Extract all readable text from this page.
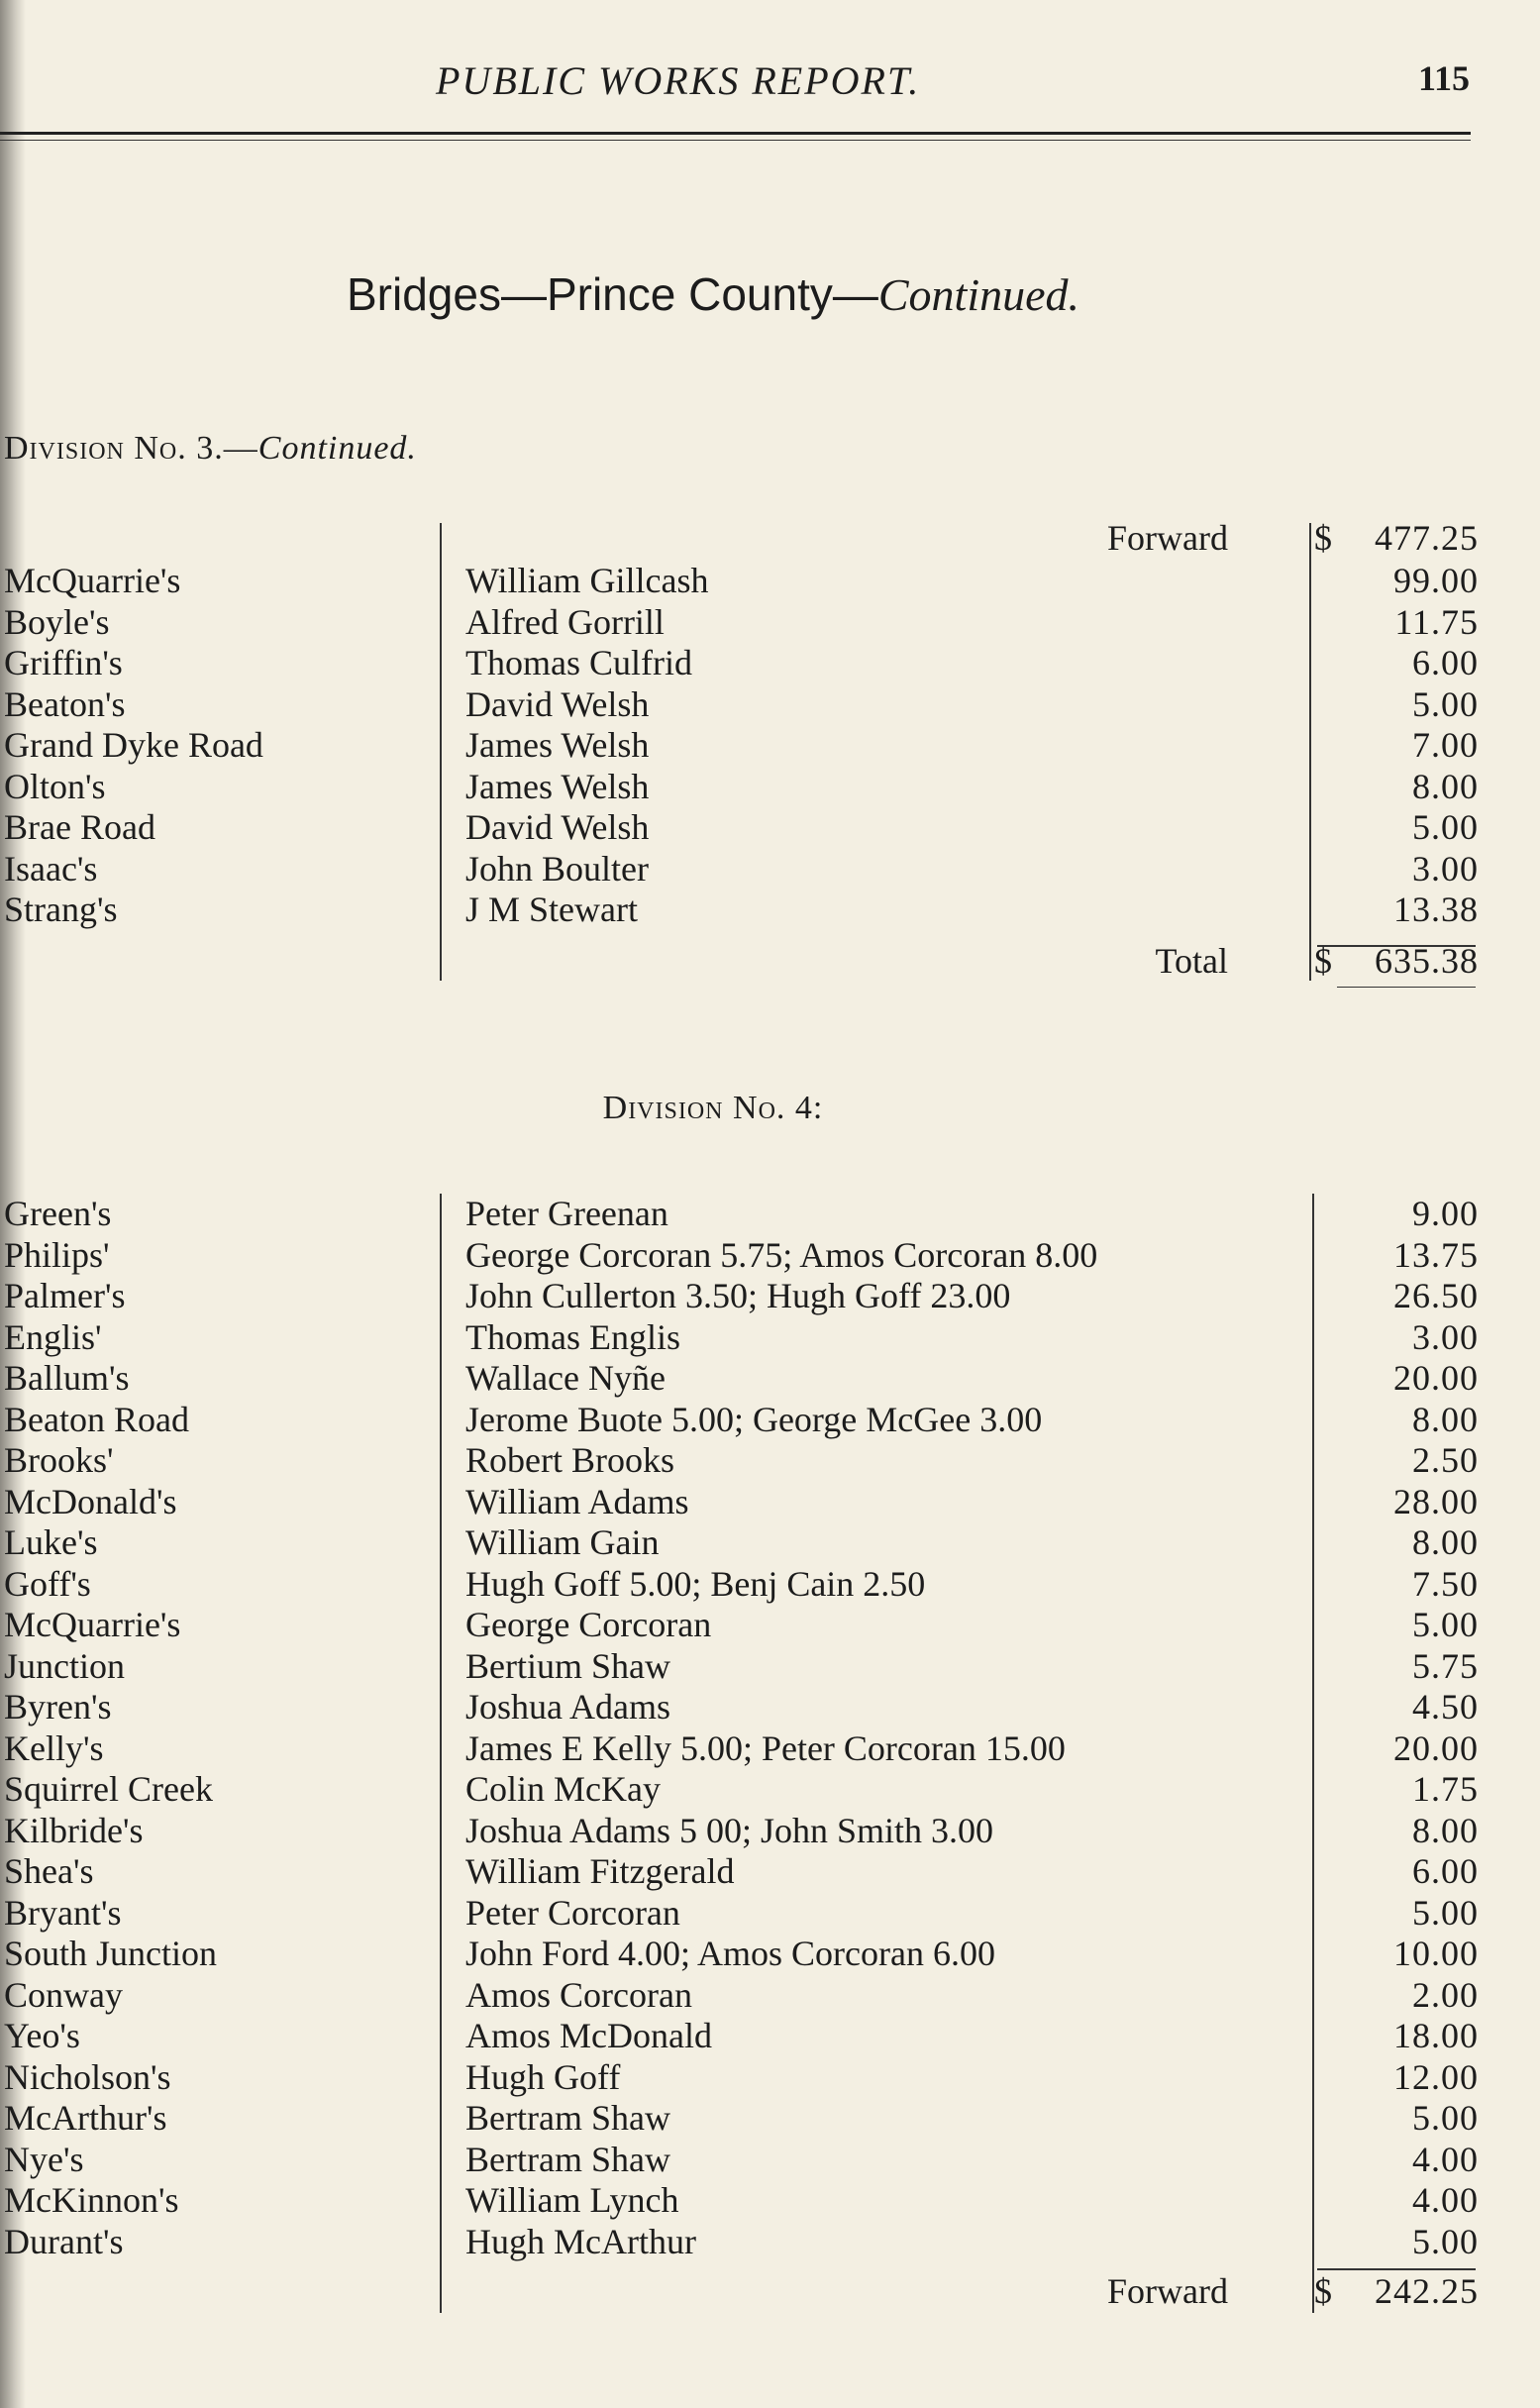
PUBLIC WORKS REPORT.	115
Bridges—Prince County—Continued.
Division No. 3.—Continued.
Forward $ 477.25
McQuarrie's	William Gillcash	99.00
Boyle's	Alfred Gorrill	11.75
Griffin's	Thomas Culfrid	6.00
Beaton's	David Welsh	5.00
Grand Dyke Road	James Welsh	7.00
Olton's	James Welsh	8.00
Brae Road	David Welsh	5.00
Isaac's	John Boulter	3.00
Strang's	J M Stewart	13.38
Total $ 635.38
Division No. 4:
Green's	Peter Greenan	9.00
Philips'	George Corcoran 5.75; Amos Corcoran 8.00	13.75
Palmer's	John Cullerton 3.50; Hugh Goff 23.00	26.50
Englis'	Thomas Englis	3.00
Ballum's	Wallace Nyñe	20.00
Beaton Road	Jerome Buote 5.00; George McGee 3.00	8.00
Brooks'	Robert Brooks	2.50
McDonald's	William Adams	28.00
Luke's	William Gain	8.00
Goff's	Hugh Goff 5.00; Benj Cain 2.50	7.50
McQuarrie's	George Corcoran	5.00
Junction	Bertium Shaw	5.75
Byren's	Joshua Adams	4.50
Kelly's	James E Kelly 5.00; Peter Corcoran 15.00	20.00
Squirrel Creek	Colin McKay	1.75
Kilbride's	Joshua Adams 5 00; John Smith 3.00	8.00
Shea's	William Fitzgerald	6.00
Bryant's	Peter Corcoran	5.00
South Junction	John Ford 4.00; Amos Corcoran 6.00	10.00
Conway	Amos Corcoran	2.00
Yeo's	Amos McDonald	18.00
Nicholson's	Hugh Goff	12.00
McArthur's	Bertram Shaw	5.00
Nye's	Bertram Shaw	4.00
McKinnon's	William Lynch	4.00
Durant's	Hugh McArthur	5.00
Forward $ 242.25
